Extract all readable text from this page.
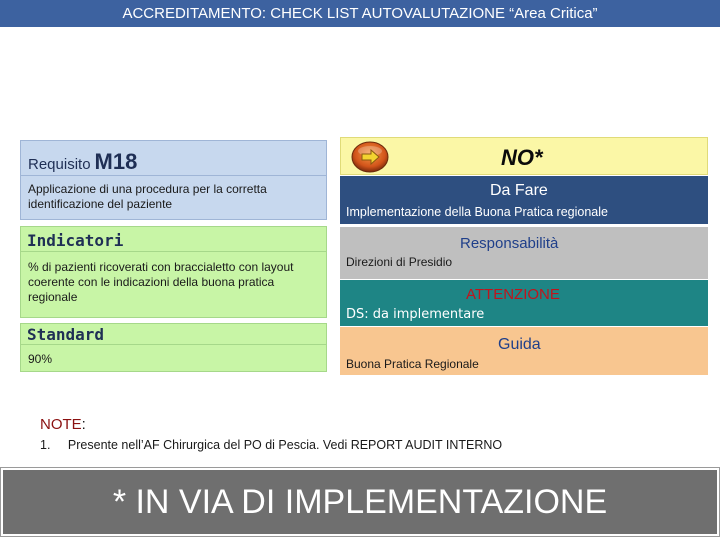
ACCREDITAMENTO: CHECK LIST AUTOVALUTAZIONE “Area Critica”
Requisito M18
Applicazione di una procedura per la corretta identificazione del paziente
Indicatori
% di pazienti ricoverati con braccialetto con layout coerente con le indicazioni della buona pratica regionale
Standard
90%
NO*
Da Fare
Implementazione della Buona Pratica regionale
Responsabilità
Direzioni di Presidio
ATTENZIONE
DS: da implementare
Guida
Buona Pratica Regionale
NOTE:
1. Presente nell’AF Chirurgica del PO di Pescia. Vedi REPORT AUDIT INTERNO
* IN VIA DI IMPLEMENTAZIONE
